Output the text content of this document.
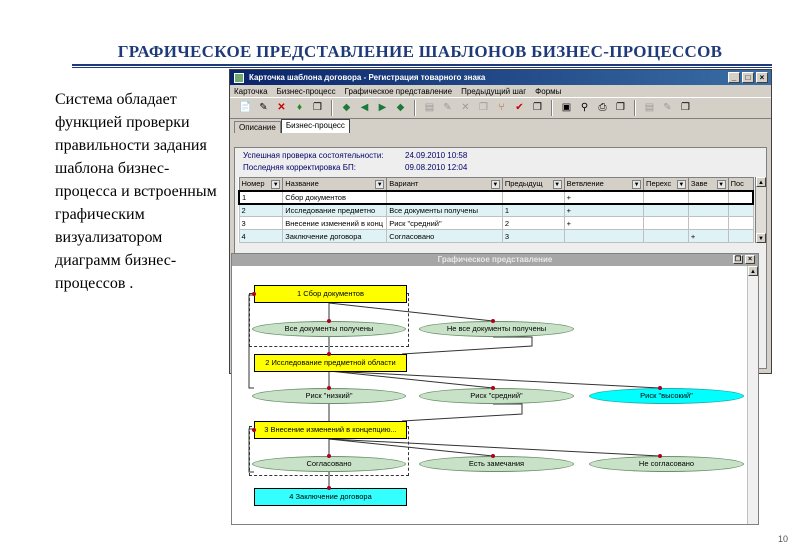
ГРАФИЧЕСКОЕ ПРЕДСТАВЛЕНИЕ ШАБЛОНОВ БИЗНЕС-ПРОЦЕССОВ
Система обладает функцией проверки правильности задания шаблона бизнес-процесса и встроенным графическим визуализатором диаграмм бизнес-процессов .
Карточка шаблона договора - Регистрация товарного знака	_	□	×
Карточка Бизнес-процесс Графическое представление Предыдущий шаг Формы
📄 ✎ ✕	♦	❐	◆	◀	▶	◆	▤ ✎ ✕ ❐	⑂	✔ ❐	▣ ⚲	⎙ ❐	▤ ✎ ❐
Описание	Бизнес-процесс
Успешная проверка состоятельности:	24.09.2010 10:58
Последняя корректировка БП:	09.08.2010 12:04
Номер ▼	Название ▼	Вариант ▼	Предыдущ ▼	Ветвление ▼	Перехс ▼	Заве ▼	Пос
1	Сбор документов			+			
2	Исследование предметно	Все документы получены	1	+			
3	Внесение изменений в конц	Риск "средний"	2	+			
4	Заключение договора	Согласовано	3			+	
▲
▼
Графическое представление	❐ ×
1 Сбор документов
Все документы получены	Не все документы получены
2 Исследование предметной области
Риск "низкий"	Риск "средний"	Риск "высокий"
3 Внесение изменений в концепцию...
Согласовано	Есть замечания	Не согласовано
4 Заключение договора
▲
10
